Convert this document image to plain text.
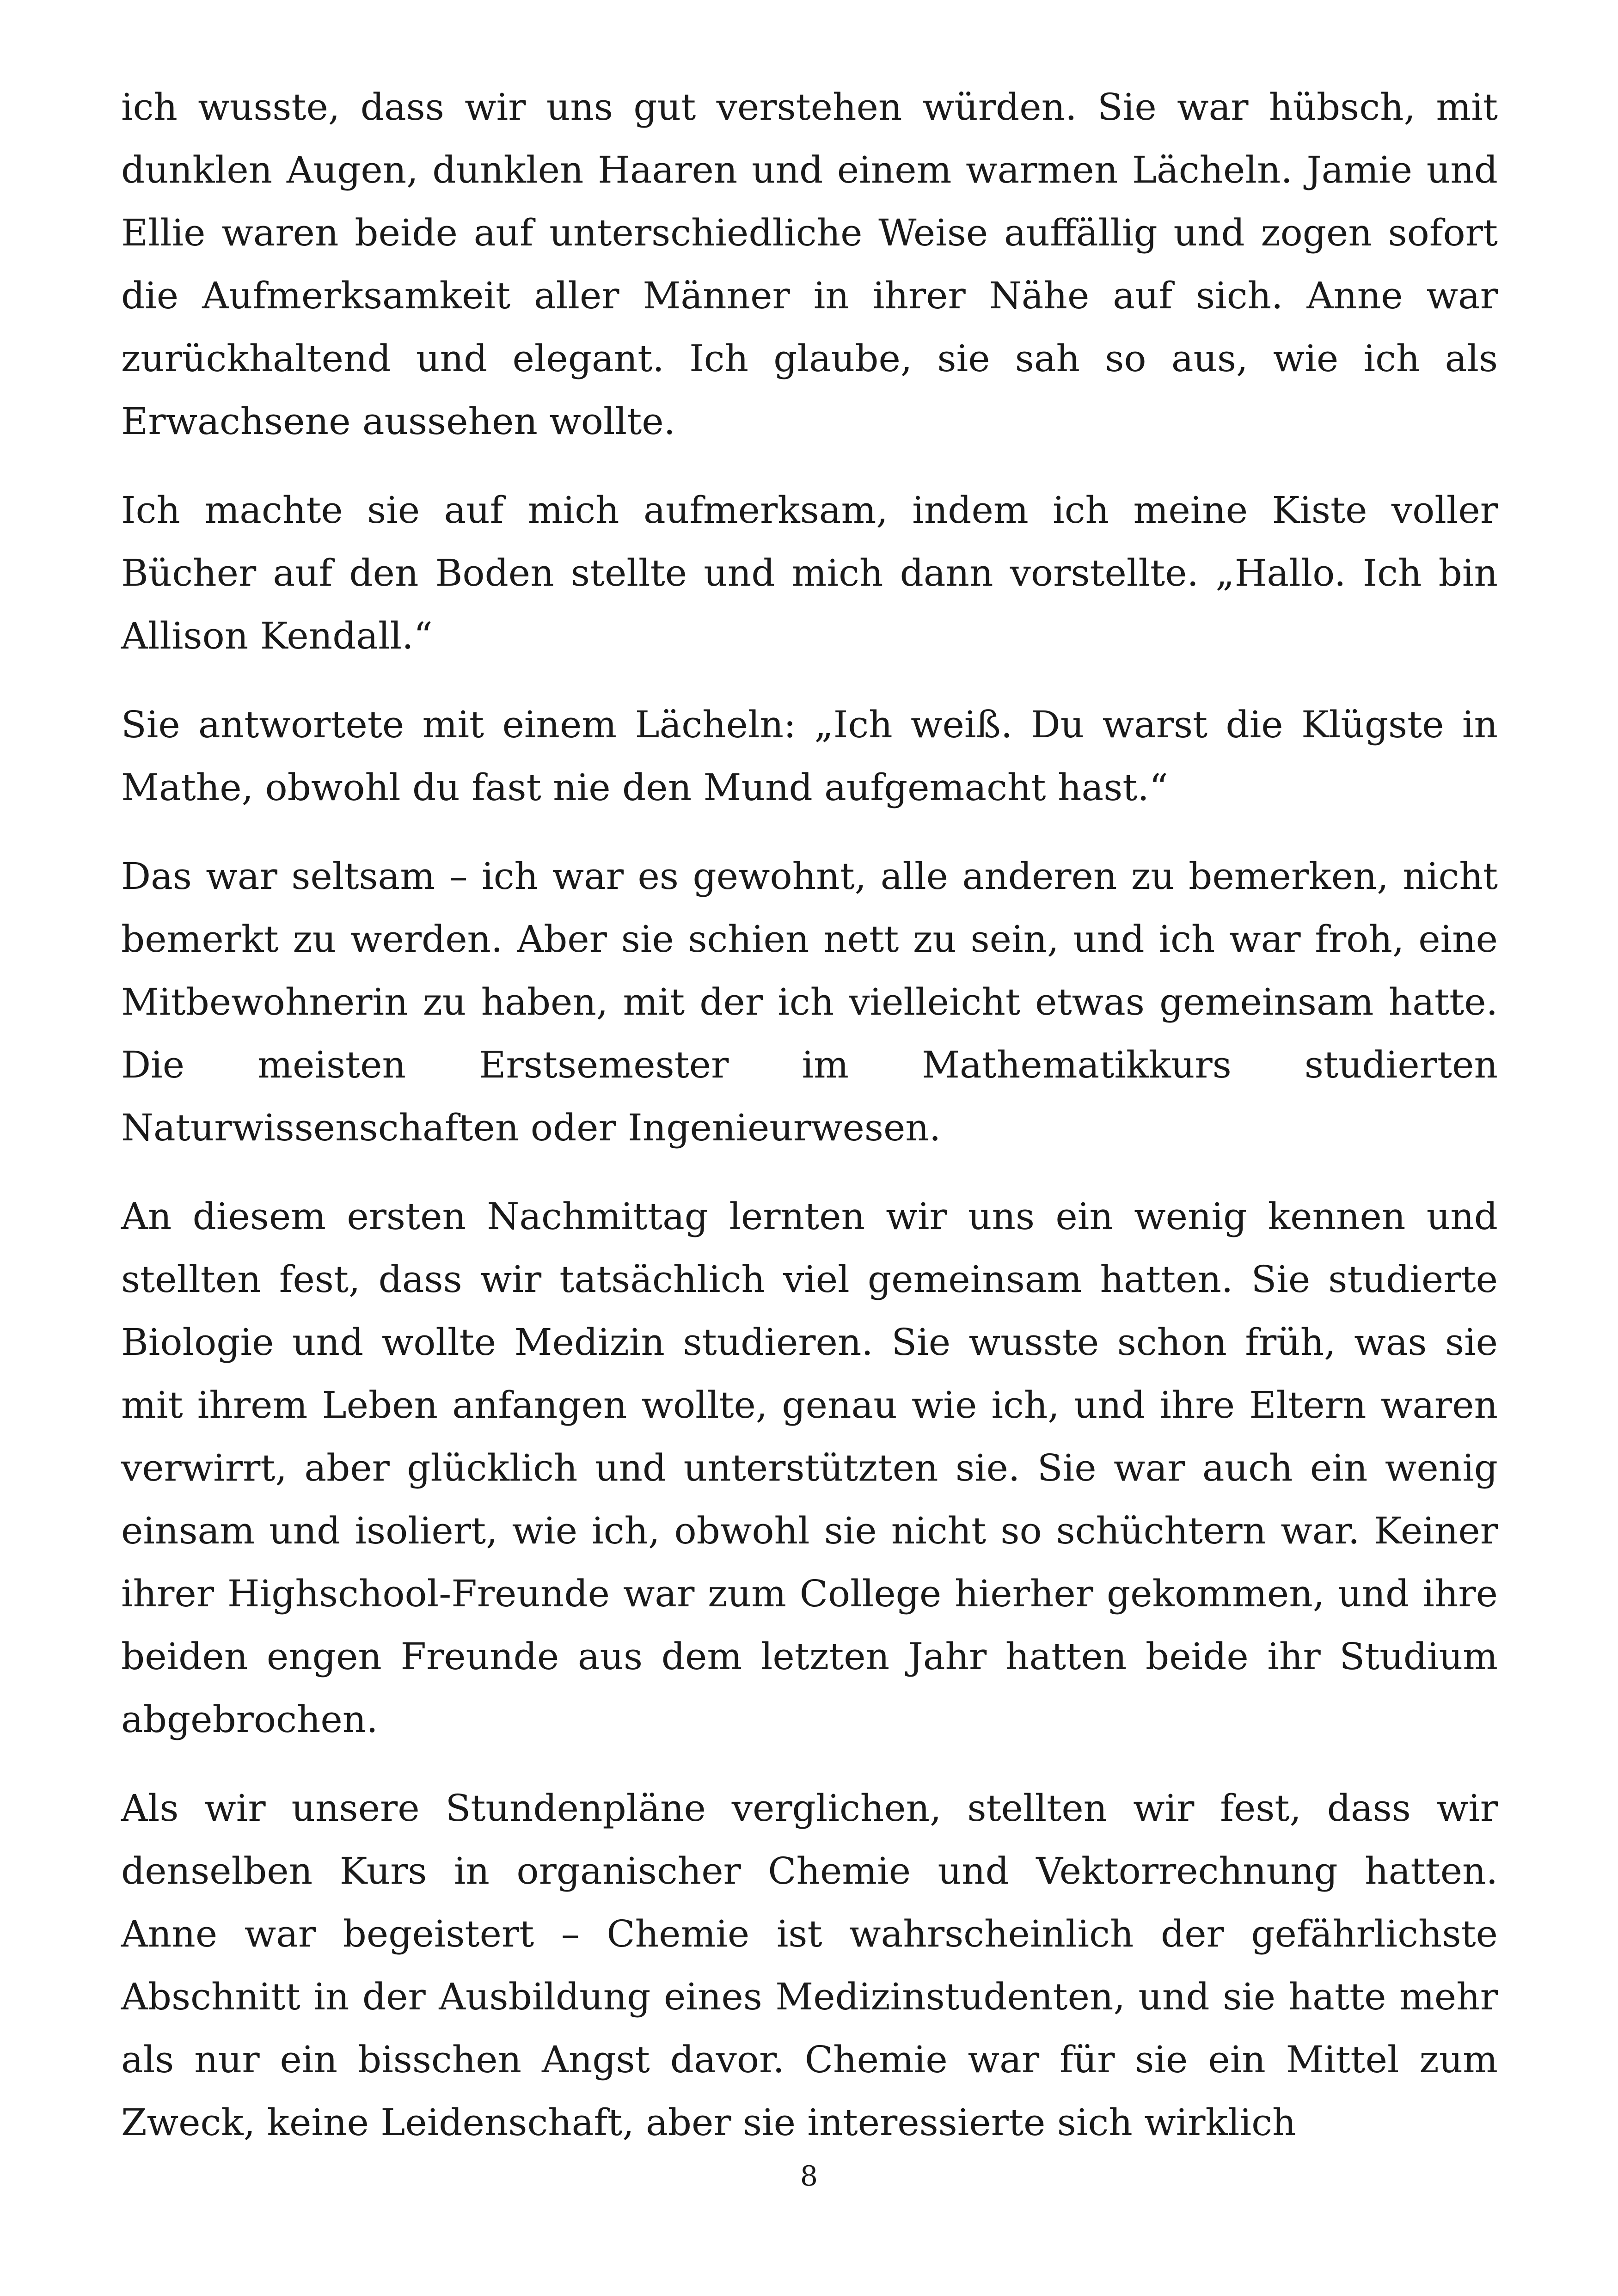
ich wusste, dass wir uns gut verstehen würden. Sie war hübsch, mit dunklen Augen, dunklen Haaren und einem warmen Lächeln. Jamie und Ellie waren beide auf unterschiedliche Weise auffällig und zogen sofort die Aufmerksamkeit aller Männer in ihrer Nähe auf sich. Anne war zurückhaltend und elegant. Ich glaube, sie sah so aus, wie ich als Erwachsene aussehen wollte.

Ich machte sie auf mich aufmerksam, indem ich meine Kiste voller Bücher auf den Boden stellte und mich dann vorstellte. „Hallo. Ich bin Allison Kendall.“

Sie antwortete mit einem Lächeln: „Ich weiß. Du warst die Klügste in Mathe, obwohl du fast nie den Mund aufgemacht hast.“

Das war seltsam – ich war es gewohnt, alle anderen zu bemerken, nicht bemerkt zu werden. Aber sie schien nett zu sein, und ich war froh, eine Mitbewohnerin zu haben, mit der ich vielleicht etwas gemeinsam hatte. Die meisten Erstsemester im Mathematikkurs studierten Naturwissenschaften oder Ingenieurwesen.

An diesem ersten Nachmittag lernten wir uns ein wenig kennen und stellten fest, dass wir tatsächlich viel gemeinsam hatten. Sie studierte Biologie und wollte Medizin studieren. Sie wusste schon früh, was sie mit ihrem Leben anfangen wollte, genau wie ich, und ihre Eltern waren verwirrt, aber glücklich und unterstützten sie. Sie war auch ein wenig einsam und isoliert, wie ich, obwohl sie nicht so schüchtern war. Keiner ihrer Highschool-Freunde war zum College hierher gekommen, und ihre beiden engen Freunde aus dem letzten Jahr hatten beide ihr Studium abgebrochen.

Als wir unsere Stundenpläne verglichen, stellten wir fest, dass wir denselben Kurs in organischer Chemie und Vektorrechnung hatten. Anne war begeistert – Chemie ist wahrscheinlich der gefährlichste Abschnitt in der Ausbildung eines Medizinstudenten, und sie hatte mehr als nur ein bisschen Angst davor. Chemie war für sie ein Mittel zum Zweck, keine Leidenschaft, aber sie interessierte sich wirklich

8
